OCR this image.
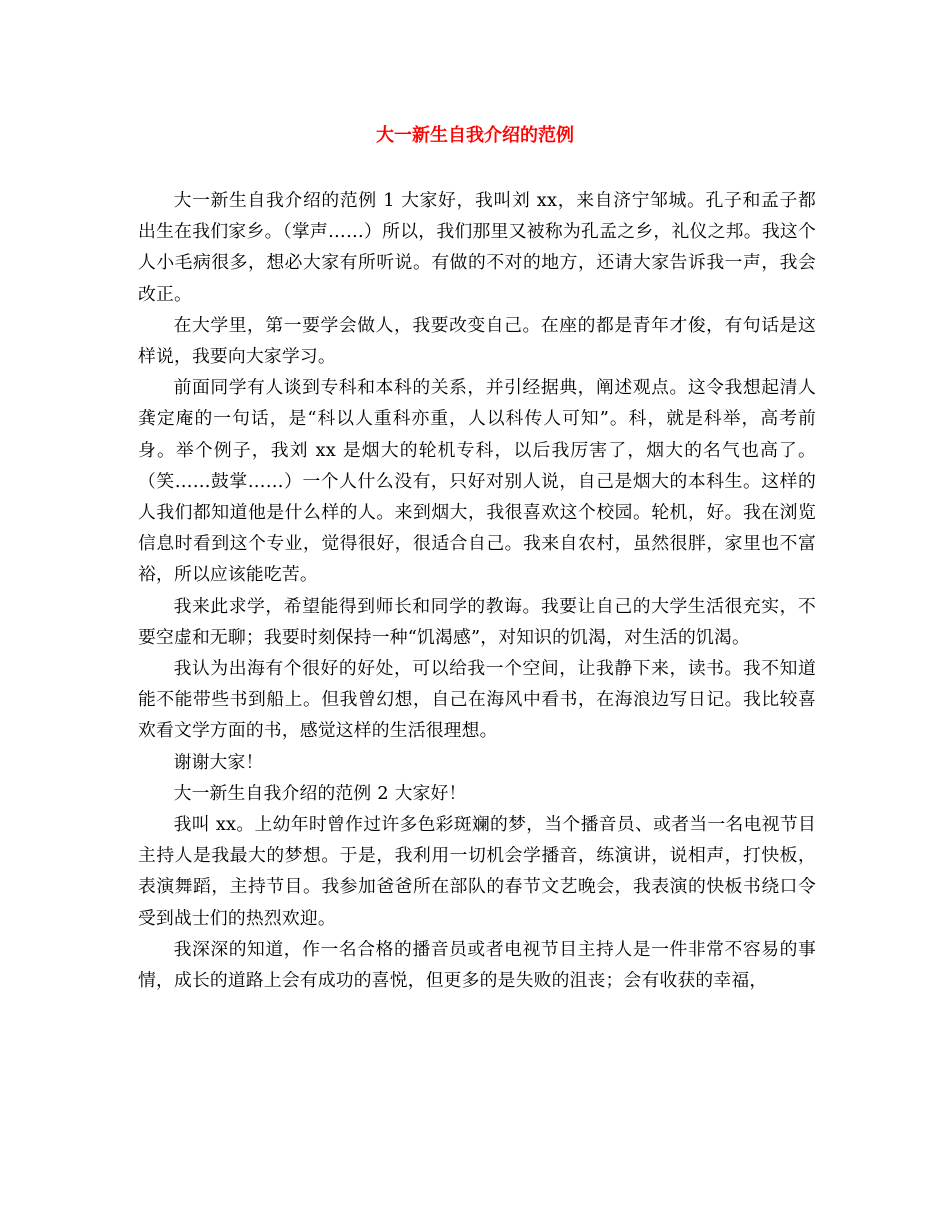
大一新生自我介绍的范例

大一新生自我介绍的范例 1 大家好，我叫刘 xx，来自济宁邹城。孔子和孟子都出生在我们家乡。（掌声……）所以，我们那里又被称为孔孟之乡，礼仪之邦。我这个人小毛病很多，想必大家有所听说。有做的不对的地方，还请大家告诉我一声，我会改正。

在大学里，第一要学会做人，我要改变自己。在座的都是青年才俊，有句话是这样说，我要向大家学习。

前面同学有人谈到专科和本科的关系，并引经据典，阐述观点。这令我想起清人龚定庵的一句话，是“科以人重科亦重，人以科传人可知”。科，就是科举，高考前身。举个例子，我刘 xx 是烟大的轮机专科，以后我厉害了，烟大的名气也高了。（笑……鼓掌……）一个人什么没有，只好对别人说，自己是烟大的本科生。这样的人我们都知道他是什么样的人。来到烟大，我很喜欢这个校园。轮机，好。我在浏览信息时看到这个专业，觉得很好，很适合自己。我来自农村，虽然很胖，家里也不富裕，所以应该能吃苦。

我来此求学，希望能得到师长和同学的教诲。我要让自己的大学生活很充实，不要空虚和无聊；我要时刻保持一种“饥渴感”，对知识的饥渴，对生活的饥渴。

我认为出海有个很好的好处，可以给我一个空间，让我静下来，读书。我不知道能不能带些书到船上。但我曾幻想，自己在海风中看书，在海浪边写日记。我比较喜欢看文学方面的书，感觉这样的生活很理想。

谢谢大家！

大一新生自我介绍的范例 2 大家好！

我叫 xx。上幼年时曾作过许多色彩斑斓的梦，当个播音员、或者当一名电视节目主持人是我最大的梦想。于是，我利用一切机会学播音，练演讲，说相声，打快板，表演舞蹈，主持节目。我参加爸爸所在部队的春节文艺晚会，我表演的快板书绕口令受到战士们的热烈欢迎。

我深深的知道，作一名合格的播音员或者电视节目主持人是一件非常不容易的事情，成长的道路上会有成功的喜悦，但更多的是失败的沮丧；会有收获的幸福，
